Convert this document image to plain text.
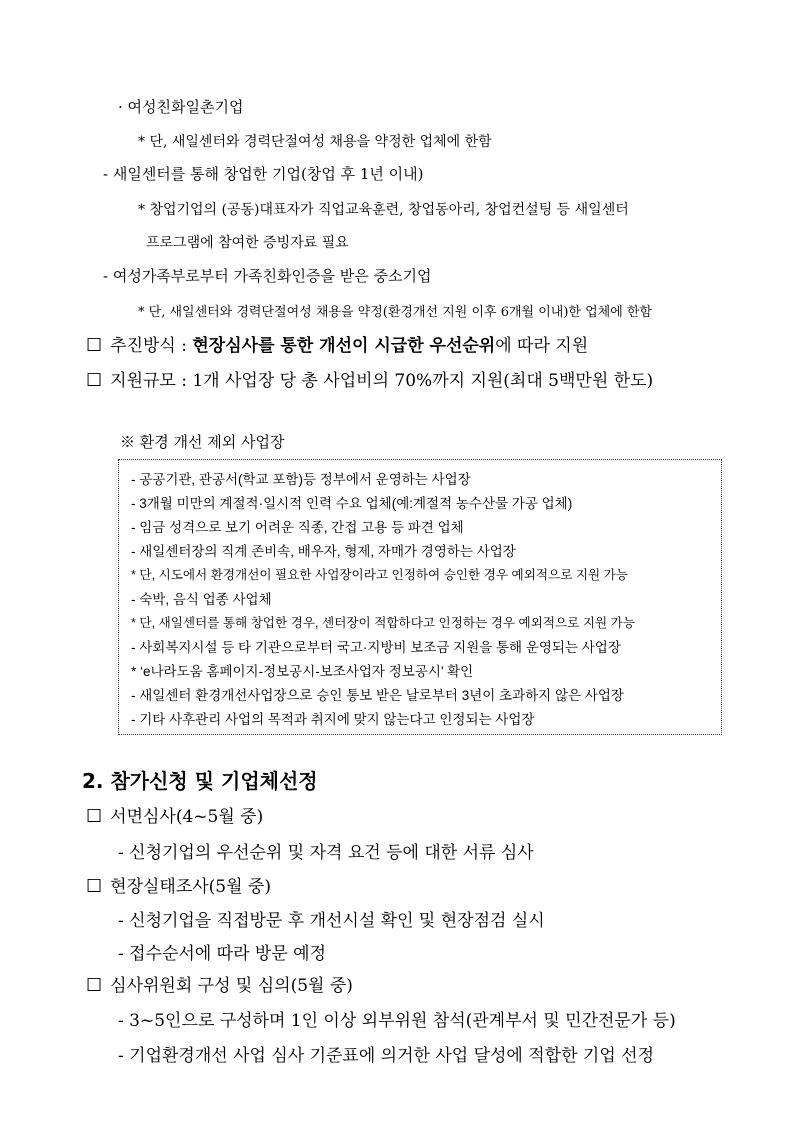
· 여성친화일촌기업
* 단, 새일센터와 경력단절여성 채용을 약정한 업체에 한함
- 새일센터를 통해 창업한 기업(창업 후 1년 이내)
* 창업기업의 (공동)대표자가 직업교육훈련, 창업동아리, 창업컨설팅 등 새일센터
프로그램에 참여한 증빙자료 필요
- 여성가족부로부터 가족친화인증을 받은 중소기업
* 단, 새일센터와 경력단절여성 채용을 약정(환경개선 지원 이후 6개월 이내)한 업체에 한함
☐ 추진방식 : 현장심사를 통한 개선이 시급한 우선순위에 따라 지원
☐ 지원규모 : 1개 사업장 당 총 사업비의 70%까지 지원(최대 5백만원 한도)
※ 환경 개선 제외 사업장
- 공공기관, 관공서(학교 포함)등 정부에서 운영하는 사업장
- 3개월 미만의 계절적·일시적 인력 수요 업체(예:계절적 농수산물 가공 업체)
- 임금 성격으로 보기 어려운 직종, 간접 고용 등 파견 업체
- 새일센터장의 직계 존비속, 배우자, 형제, 자매가 경영하는 사업장
* 단, 시도에서 환경개선이 필요한 사업장이라고 인정하여 승인한 경우 예외적으로 지원 가능
- 숙박, 음식 업종 사업체
* 단, 새일센터를 통해 창업한 경우, 센터장이 적합하다고 인정하는 경우 예외적으로 지원 가능
- 사회복지시설 등 타 기관으로부터 국고·지방비 보조금 지원을 통해 운영되는 사업장
* ‘e나라도움 홈페이지-정보공시-보조사업자 정보공시’ 확인
- 새일센터 환경개선사업장으로 승인 통보 받은 날로부터 3년이 초과하지 않은 사업장
- 기타 사후관리 사업의 목적과 취지에 맞지 않는다고 인정되는 사업장
2. 참가신청 및 기업체선정
☐ 서면심사(4~5월 중)
- 신청기업의 우선순위 및 자격 요건 등에 대한 서류 심사
☐ 현장실태조사(5월 중)
- 신청기업을 직접방문 후 개선시설 확인 및 현장점검 실시
- 접수순서에 따라 방문 예정
☐ 심사위원회 구성 및 심의(5월 중)
- 3~5인으로 구성하며 1인 이상 외부위원 참석(관계부서 및 민간전문가 등)
- 기업환경개선 사업 심사 기준표에 의거한 사업 달성에 적합한 기업 선정
